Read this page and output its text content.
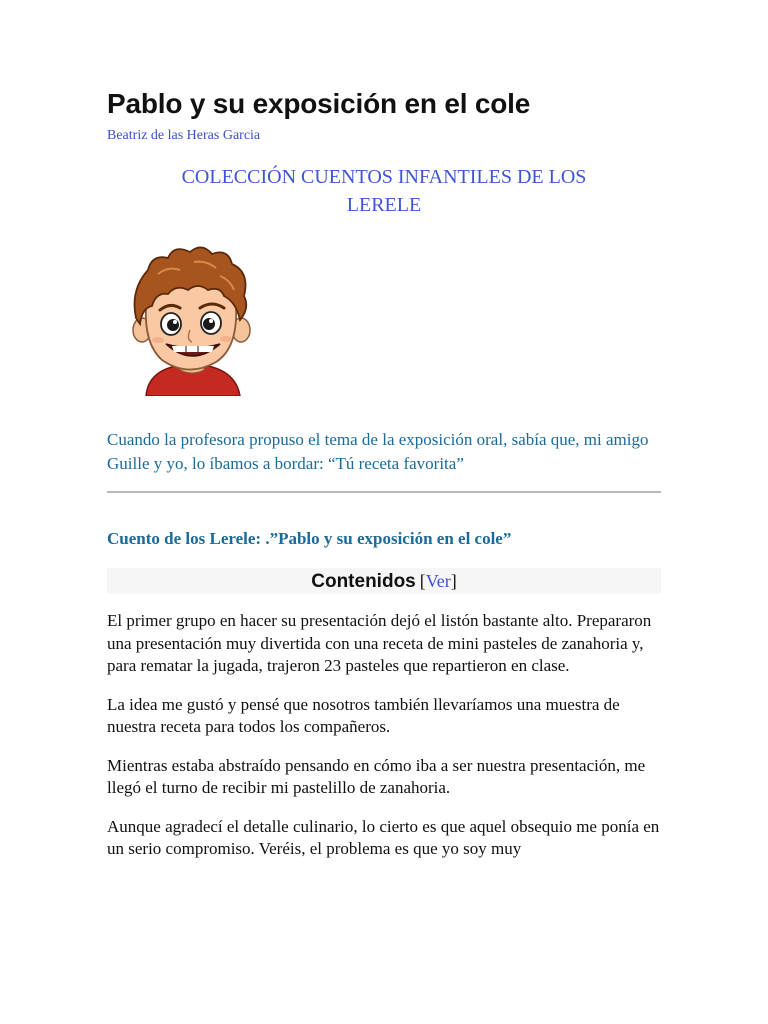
Pablo y su exposición en el cole
Beatriz de las Heras Garcia
COLECCIÓN CUENTOS INFANTILES DE LOS
LERELE

Cuando la profesora propuso el tema de la exposición oral, sabía que, mi amigo Guille y yo, lo íbamos a bordar: “Tú receta favorita”

Cuento de los Lerele: .”Pablo y su exposición en el cole”
Contenidos [Ver]

El primer grupo en hacer su presentación dejó el listón bastante alto. Prepararon una presentación muy divertida con una receta de mini pasteles de zanahoria y, para rematar la jugada, trajeron 23 pasteles que repartieron en clase.

La idea me gustó y pensé que nosotros también llevaríamos una muestra de nuestra receta para todos los compañeros.

Mientras estaba abstraído pensando en cómo iba a ser nuestra presentación, me llegó el turno de recibir mi pastelillo de zanahoria.

Aunque agradecí el detalle culinario, lo cierto es que aquel obsequio me ponía en un serio compromiso. Veréis, el problema es que yo soy muy
